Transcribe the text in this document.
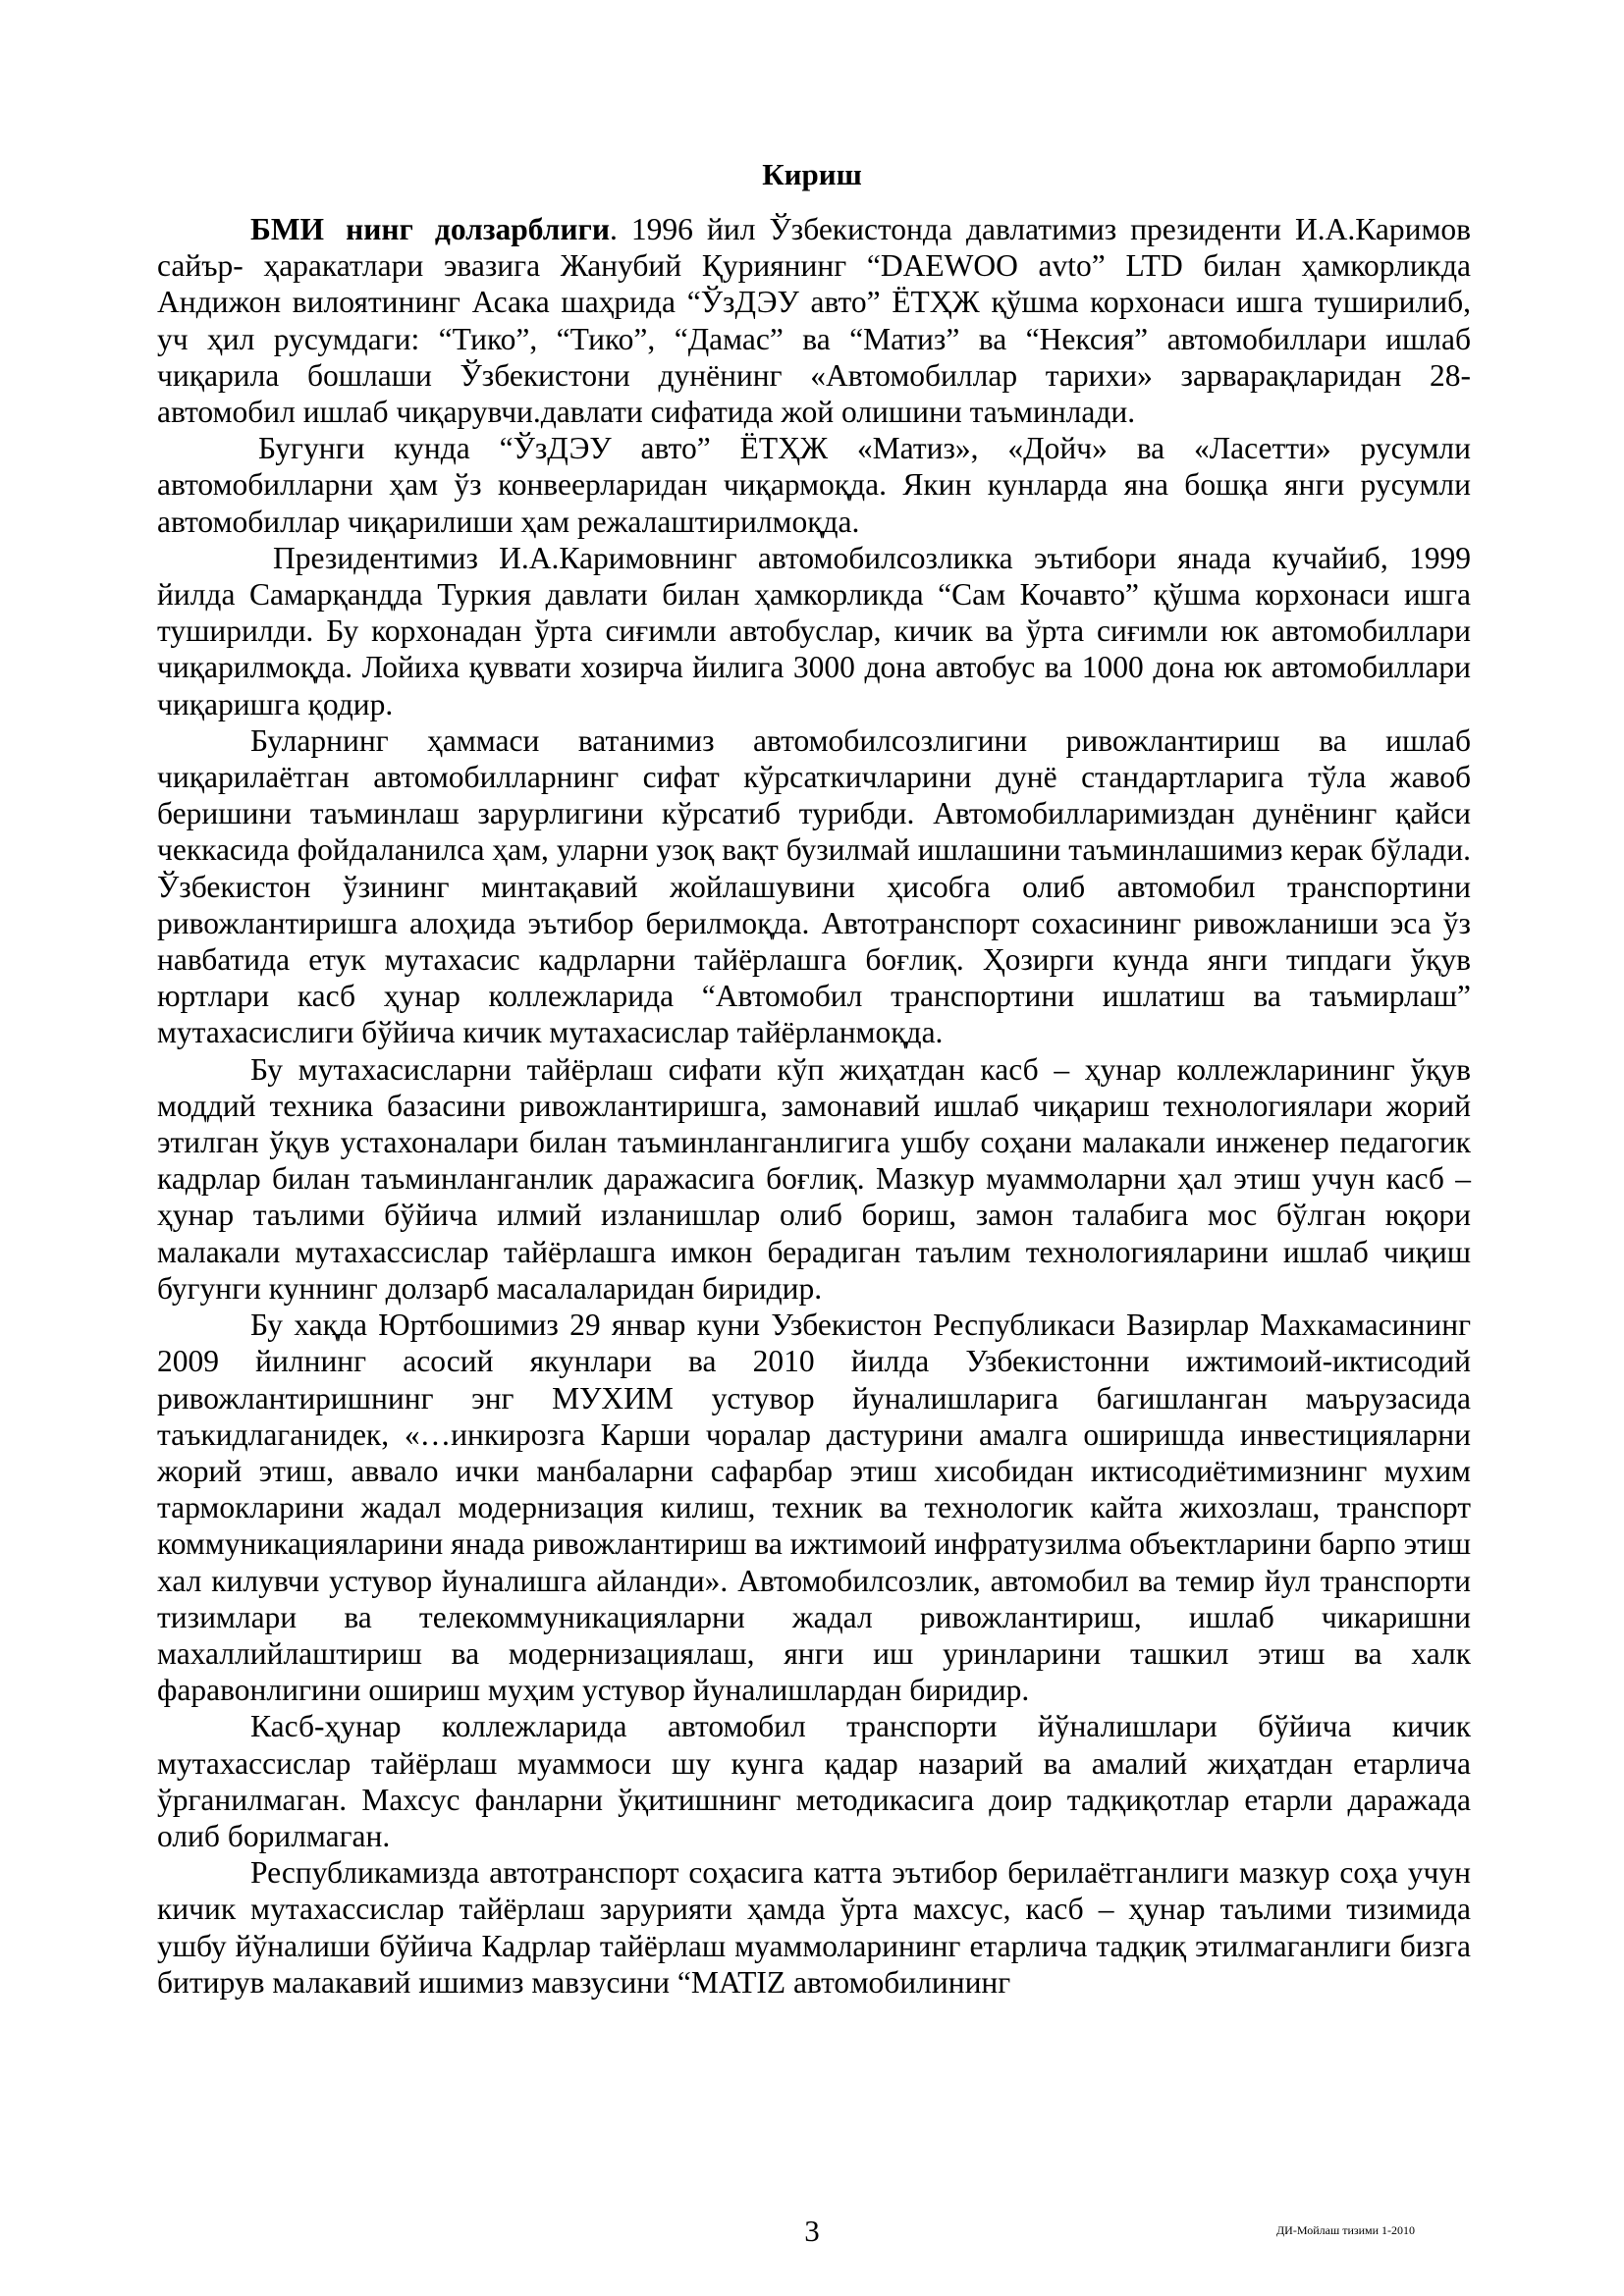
Кириш

БМИ нинг долзарблиги. 1996 йил Ўзбекистонда давлатимиз президенти И.А.Каримов сайър- ҳаракатлари эвазига Жанубий Қуриянинг “DAEWOO avto” LTD билан ҳамкорликда Андижон вилоятининг Асака шаҳрида “ЎзДЭУ авто” ЁТҲЖ қўшма корхонаси ишга туширилиб, уч ҳил русумдаги: “Тико”, “Тико”, “Дамас” ва “Матиз” ва “Нексия” автомобиллари ишлаб чиқарила бошлаши Ўзбекистони дунёнинг «Автомобиллар тарихи» зарварақларидан 28- автомобил ишлаб чиқарувчи.давлати сифатида жой олишини таъминлади.

Бугунги кунда “ЎзДЭУ авто” ЁТҲЖ «Матиз», «Дойч» ва «Ласетти» русумли автомобилларни ҳам ўз конвеерларидан чиқармоқда. Якин кунларда яна бошқа янги русумли автомобиллар чиқарилиши ҳам режалаштирилмоқда.

Президентимиз И.А.Каримовнинг автомобилсозликка эътибори янада кучайиб, 1999 йилда Самарқандда Туркия давлати билан ҳамкорликда “Сам Кочавто” қўшма корхонаси ишга туширилди. Бу корхонадан ўрта сиғимли автобуслар, кичик ва ўрта сиғимли юк автомобиллари чиқарилмоқда. Лойиха қуввати хозирча йилига 3000 дона автобус ва 1000 дона юк автомобиллари чиқаришга қодир.

Буларнинг ҳаммаси ватанимиз автомобилсозлигини ривожлантириш ва ишлаб чиқарилаётган автомобилларнинг сифат кўрсаткичларини дунё стандартларига тўла жавоб беришини таъминлаш зарурлигини кўрсатиб турибди. Автомобилларимиздан дунёнинг қайси чеккасида фойдаланилса ҳам, уларни узоқ вақт бузилмай ишлашини таъминлашимиз керак бўлади. Ўзбекистон ўзининг минтақавий жойлашувини ҳисобга олиб автомобил транспортини ривожлантиришга алоҳида эътибор берилмоқда. Автотранспорт сохасининг ривожланиши эса ўз навбатида етук мутахасис кадрларни тайёрлашга боғлиқ. Ҳозирги кунда янги типдаги ўқув юртлари касб ҳунар коллежларида “Автомобил транспортини ишлатиш ва таъмирлаш” мутахасислиги бўйича кичик мутахасислар тайёрланмоқда.

Бу мутахасисларни тайёрлаш сифати кўп жиҳатдан касб – ҳунар коллежларининг ўқув моддий техника базасини ривожлантиришга, замонавий ишлаб чиқариш технологиялари жорий этилган ўқув устахоналари билан таъминланганлигига ушбу соҳани малакали инженер педагогик кадрлар билан таъминланганлик даражасига боғлиқ. Мазкур муаммоларни ҳал этиш учун касб – ҳунар таълими бўйича илмий изланишлар олиб бориш, замон талабига мос бўлган юқори малакали мутахассислар тайёрлашга имкон берадиган таълим технологияларини ишлаб чиқиш бугунги куннинг долзарб масалаларидан биридир.

Бу хақда Юртбошимиз 29 январ куни Узбекистон Республикаси Вазирлар Махкамасининг 2009 йилнинг асосий якунлари ва 2010 йилда Узбекистонни ижтимоий-иктисодий ривожлантиришнинг энг МУХИМ устувор йуналишларига багишланган маърузасида таъкидлаганидек, «…инкирозга Карши чоралар дастурини амалга оширишда инвестицияларни жорий этиш, аввало ички манбаларни сафарбар этиш хисобидан иктисодиётимизнинг мухим тармокларини жадал модернизация килиш, техник ва технологик кайта жихозлаш, транспорт коммуникацияларини янада ривожлантириш ва ижтимоий инфратузилма объектларини барпо этиш хал килувчи устувор йуналишга айланди». Автомобилсозлик, автомобил ва темир йул транспорти тизимлари ва телекоммуникацияларни жадал ривожлантириш, ишлаб чикаришни махаллийлаштириш ва модернизациялаш, янги иш уринларини ташкил этиш ва халк фаравонлигини ошириш муҳим устувор йуналишлардан биридир.

Касб-ҳунар коллежларида автомобил транспорти йўналишлари бўйича кичик мутахассислар тайёрлаш муаммоси шу кунга қадар назарий ва амалий жиҳатдан етарлича ўрганилмаган. Махсус фанларни ўқитишнинг методикасига доир тадқиқотлар етарли даражада олиб борилмаган.

Республикамизда автотранспорт соҳасига катта эътибор берилаётганлиги мазкур соҳа учун кичик мутахассислар тайёрлаш зарурияти ҳамда ўрта махсус, касб – ҳунар таълими тизимида ушбу йўналиши бўйича Кадрлар тайёрлаш муаммоларининг етарлича тадқиқ этилмаганлиги бизга битирув малакавий ишимиз мавзусини “MATIZ автомобилининг

3	ДИ-Мойлаш тизими 1-2010
